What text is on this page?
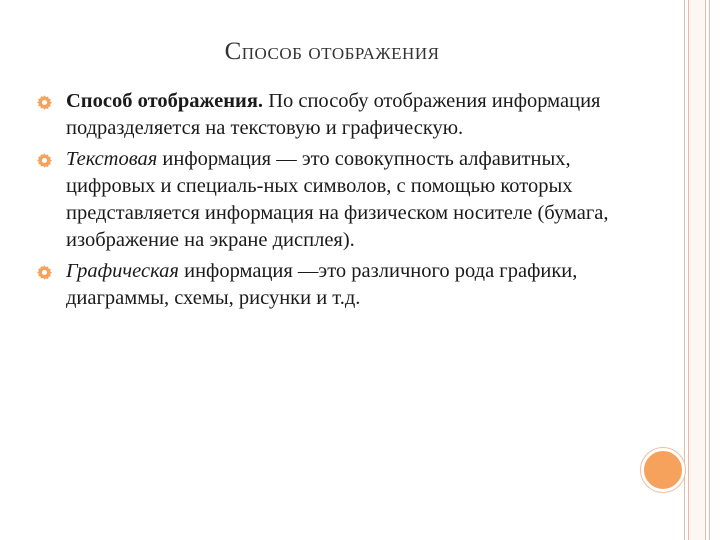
СПОСОБ ОТОБРАЖЕНИЯ
Способ отображения. По способу отображения информация подразделяется на текстовую и графическую.
Текстовая информация — это совокупность алфавитных, цифровых и специаль-ных символов, с помощью которых представляется информация на физическом носителе (бумага, изображение на экране дисплея).
Графическая информация —это различного рода графики, диаграммы, схемы, рисунки и т.д.
